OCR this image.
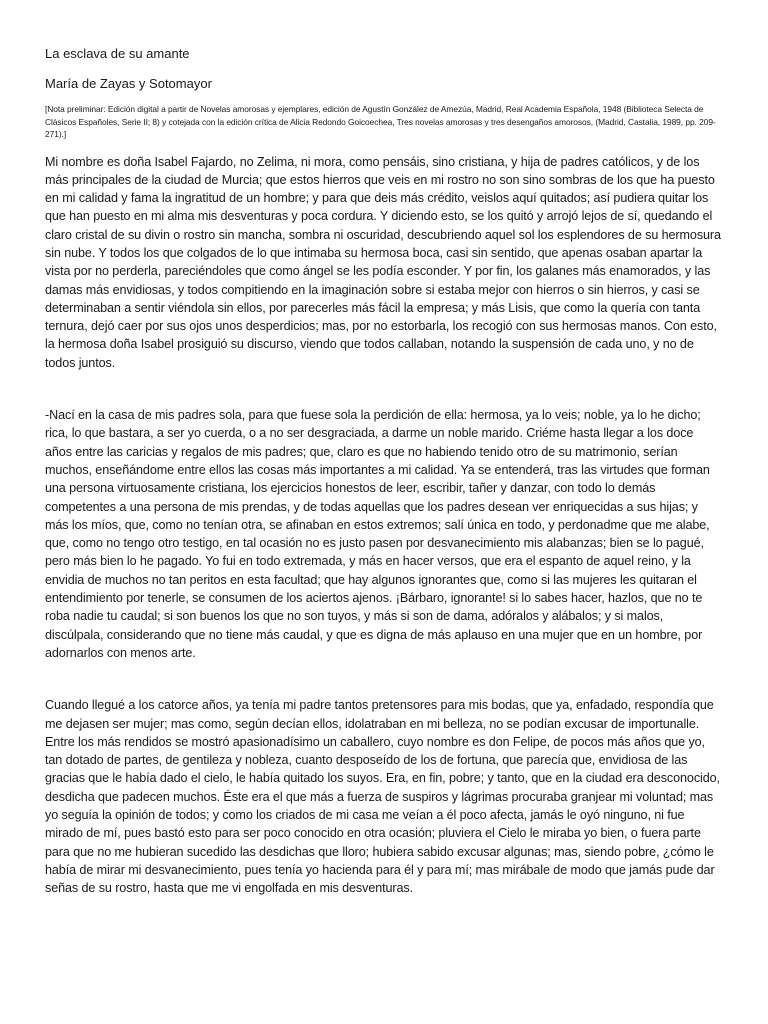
La esclava de su amante
María de Zayas y Sotomayor
[Nota preliminar: Edición digital a partir de Novelas amorosas y ejemplares, edición de Agustín González de Amezúa, Madrid, Real Academia Española, 1948 (Biblioteca Selecta de Clásicos Españoles, Serie II; 8) y cotejada con la edición crítica de Alicia Redondo Goicoechea, Tres novelas amorosas y tres desengaños amorosos, (Madrid, Castalia, 1989, pp. 209-271).]

Mi nombre es doña Isabel Fajardo, no Zelima, ni mora, como pensáis, sino cristiana, y hija de padres católicos, y de los más principales de la ciudad de Murcia; que estos hierros que veis en mi rostro no son sino sombras de los que ha puesto en mi calidad y fama la ingratitud de un hombre; y para que deis más crédito, veislos aquí quitados; así pudiera quitar los que han puesto en mi alma mis desventuras y poca cordura. Y diciendo esto, se los quitó y arrojó lejos de sí, quedando el claro cristal de su divin o rostro sin mancha, sombra ni oscuridad, descubriendo aquel sol los esplendores de su hermosura sin nube. Y todos los que colgados de lo que intimaba su hermosa boca, casi sin sentido, que apenas osaban apartar la vista por no perderla, pareciéndoles que como ángel se les podía esconder. Y por fin, los galanes más enamorados, y las damas más envidiosas, y todos compitiendo en la imaginación sobre si estaba mejor con hierros o sin hierros, y casi se determinaban a sentir viéndola sin ellos, por parecerles más fácil la empresa; y más Lisis, que como la quería con tanta ternura, dejó caer por sus ojos unos desperdicios; mas, por no estorbarla, los recogió con sus hermosas manos. Con esto, la hermosa doña Isabel prosiguió su discurso, viendo que todos callaban, notando la suspensión de cada uno, y no de todos juntos.

-Nací en la casa de mis padres sola, para que fuese sola la perdición de ella: hermosa, ya lo veis; noble, ya lo he dicho; rica, lo que bastara, a ser yo cuerda, o a no ser desgraciada, a darme un noble marido. Criéme hasta llegar a los doce años entre las caricias y regalos de mis padres; que, claro es que no habiendo tenido otro de su matrimonio, serían muchos, enseñándome entre ellos las cosas más importantes a mi calidad. Ya se entenderá, tras las virtudes que forman una persona virtuosamente cristiana, los ejercicios honestos de leer, escribir, tañer y danzar, con todo lo demás competentes a una persona de mis prendas, y de todas aquellas que los padres desean ver enriquecidas a sus hijas; y más los míos, que, como no tenían otra, se afinaban en estos extremos; salí única en todo, y perdonadme que me alabe, que, como no tengo otro testigo, en tal ocasión no es justo pasen por desvanecimiento mis alabanzas; bien se lo pagué, pero más bien lo he pagado. Yo fui en todo extremada, y más en hacer versos, que era el espanto de aquel reino, y la envidia de muchos no tan peritos en esta facultad; que hay algunos ignorantes que, como si las mujeres les quitaran el entendimiento por tenerle, se consumen de los aciertos ajenos. ¡Bárbaro, ignorante! si lo sabes hacer, hazlos, que no te roba nadie tu caudal; si son buenos los que no son tuyos, y más si son de dama, adóralos y alábalos; y si malos, discúlpala, considerando que no tiene más caudal, y que es digna de más aplauso en una mujer que en un hombre, por adornarlos con menos arte.

Cuando llegué a los catorce años, ya tenía mi padre tantos pretensores para mis bodas, que ya, enfadado, respondía que me dejasen ser mujer; mas como, según decían ellos, idolatraban en mi belleza, no se podían excusar de importunalle. Entre los más rendidos se mostró apasionadísimo un caballero, cuyo nombre es don Felipe, de pocos más años que yo, tan dotado de partes, de gentileza y nobleza, cuanto desposeído de los de fortuna, que parecía que, envidiosa de las gracias que le había dado el cielo, le había quitado los suyos. Era, en fin, pobre; y tanto, que en la ciudad era desconocido, desdicha que padecen muchos. Éste era el que más a fuerza de suspiros y lágrimas procuraba granjear mi voluntad; mas yo seguía la opinión de todos; y como los criados de mi casa me veían a él poco afecta, jamás le oyó ninguno, ni fue mirado de mí, pues bastó esto para ser poco conocido en otra ocasión; pluviera el Cielo le miraba yo bien, o fuera parte para que no me hubieran sucedido las desdichas que lloro; hubiera sabido excusar algunas; mas, siendo pobre, ¿cómo le había de mirar mi desvanecimiento, pues tenía yo hacienda para él y para mí; mas mirábale de modo que jamás pude dar señas de su rostro, hasta que me vi engolfada en mis desventuras.
